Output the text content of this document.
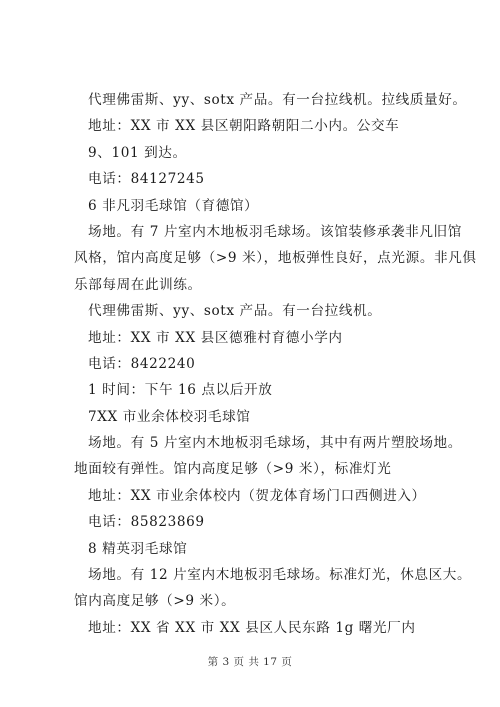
代理佛雷斯、yy、sotx 产品。有一台拉线机。拉线质量好。
地址：XX 市 XX 县区朝阳路朝阳二小内。公交车
9、101 到达。
电话：84127245
6 非凡羽毛球馆（育德馆）
场地。有 7 片室内木地板羽毛球场。该馆装修承袭非凡旧馆
风格，馆内高度足够（>9 米），地板弹性良好，点光源。非凡俱
乐部每周在此训练。
代理佛雷斯、yy、sotx 产品。有一台拉线机。
地址：XX 市 XX 县区德雅村育德小学内
电话：8422240
1 时间：下午 16 点以后开放
7XX 市业余体校羽毛球馆
场地。有 5 片室内木地板羽毛球场，其中有两片塑胶场地。
地面较有弹性。馆内高度足够（>9 米），标准灯光
地址：XX 市业余体校内（贺龙体育场门口西侧进入）
电话：85823869
8 精英羽毛球馆
场地。有 12 片室内木地板羽毛球场。标准灯光，休息区大。
馆内高度足够（>9 米）。
地址：XX 省 XX 市 XX 县区人民东路 1g 曙光厂内
第 3 页 共 17 页
